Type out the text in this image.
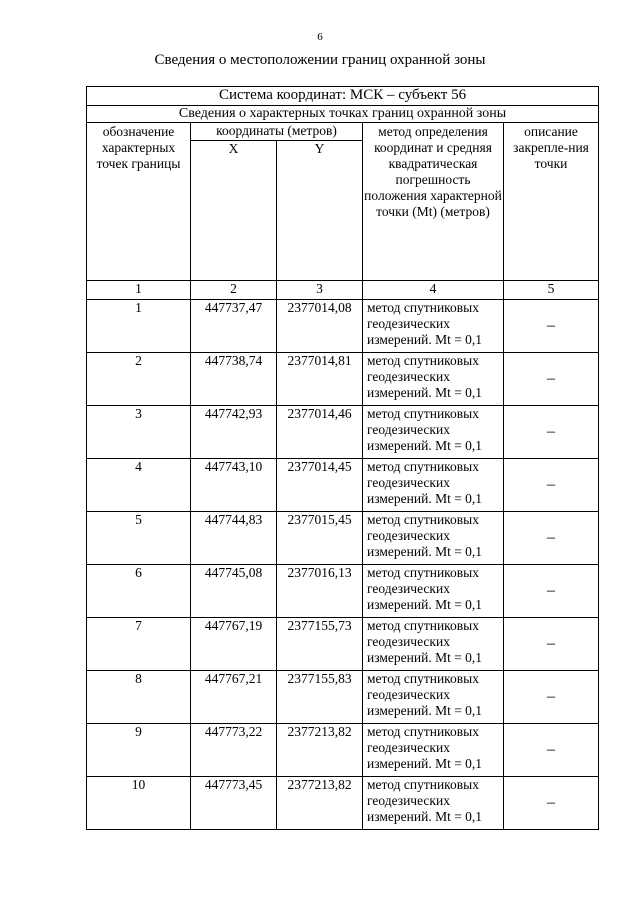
6
Сведения о местоположении границ охранной зоны
Система координат: МСК – субъект 56				
Сведения о характерных точках границ охранной зоны				
обозначение характерных точек границы	координаты (метров)		метод определения координат и средняя квадратическая погрешность положения характерной точки (Mt) (метров)	описание закрепле-ния точки
	X	Y		
1	2	3	4	5
1	447737,47	2377014,08	метод спутниковых геодезических измерений. Mt = 0,1	–
2	447738,74	2377014,81	метод спутниковых геодезических измерений. Mt = 0,1	–
3	447742,93	2377014,46	метод спутниковых геодезических измерений. Mt = 0,1	–
4	447743,10	2377014,45	метод спутниковых геодезических измерений. Mt = 0,1	–
5	447744,83	2377015,45	метод спутниковых геодезических измерений. Mt = 0,1	–
6	447745,08	2377016,13	метод спутниковых геодезических измерений. Mt = 0,1	–
7	447767,19	2377155,73	метод спутниковых геодезических измерений. Mt = 0,1	–
8	447767,21	2377155,83	метод спутниковых геодезических измерений. Mt = 0,1	–
9	447773,22	2377213,82	метод спутниковых геодезических измерений. Mt = 0,1	–
10	447773,45	2377213,82	метод спутниковых геодезических измерений. Mt = 0,1	–
